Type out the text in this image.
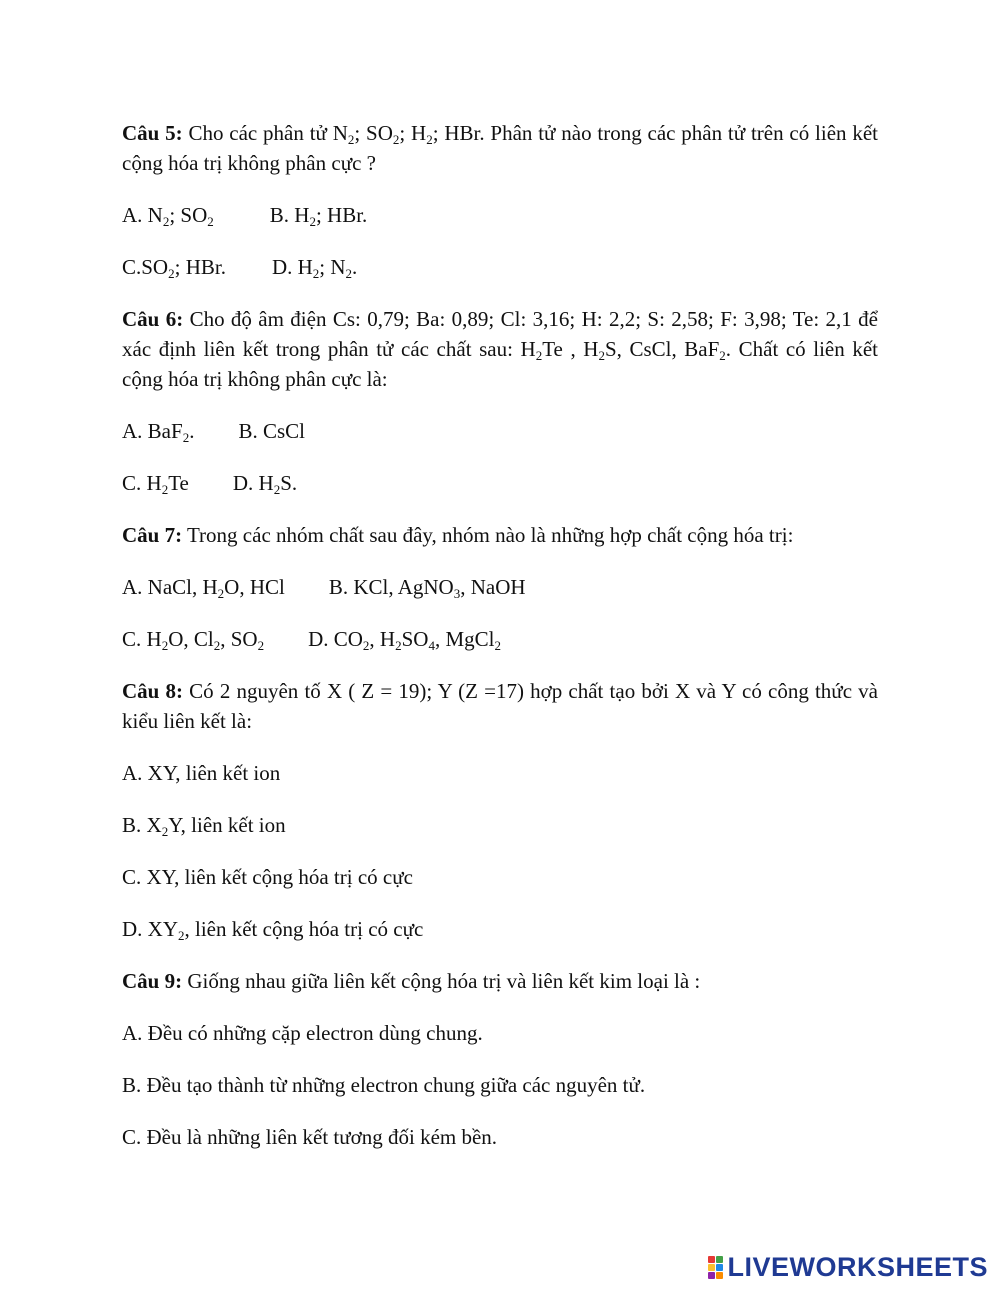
Câu 5: Cho các phân tử $N_2$; $SO_2$; $H_2$; HBr. Phân tử nào trong các phân tử trên có liên kết cộng hóa trị không phân cực ?
A. $N_2$; $SO_2$	B. $H_2$; HBr.
$C.SO_2$; HBr. D. $H_2$; $N_2$.
Câu 6: Cho độ âm điện Cs: 0,79; Ba: 0,89; Cl: 3,16; H: 2,2; S: 2,58; F: 3,98; Te: 2,1 để xác định liên kết trong phân tử các chất sau: $H_2Te$ , $H_2S$, CsCl, BaF$_2$. Chất có liên kết cộng hóa trị không phân cực là:
A. BaF$_2$. B. CsCl
C. $H_2Te$ D. $H_2S$.
Câu 7: Trong các nhóm chất sau đây, nhóm nào là những hợp chất cộng hóa trị:
A. NaCl, $H_2O$, HCl B. KCl, AgNO$_3$, NaOH
C. $H_2O$, $Cl_2$, $SO_2$ D. $CO_2$, $H_2SO_4$, MgCl$_2$
Câu 8: Có 2 nguyên tố X ( Z = 19); Y (Z =17) hợp chất tạo bởi X và Y có công thức và kiểu liên kết là:
A. XY, liên kết ion
B. $X_2Y$, liên kết ion
C. XY, liên kết cộng hóa trị có cực
D. $XY_2$, liên kết cộng hóa trị có cực
Câu 9: Giống nhau giữa liên kết cộng hóa trị và liên kết kim loại là :
A. Đều có những cặp electron dùng chung.
B. Đều tạo thành từ những electron chung giữa các nguyên tử.
C. Đều là những liên kết tương đối kém bền.
LIVEWORKSHEETS
